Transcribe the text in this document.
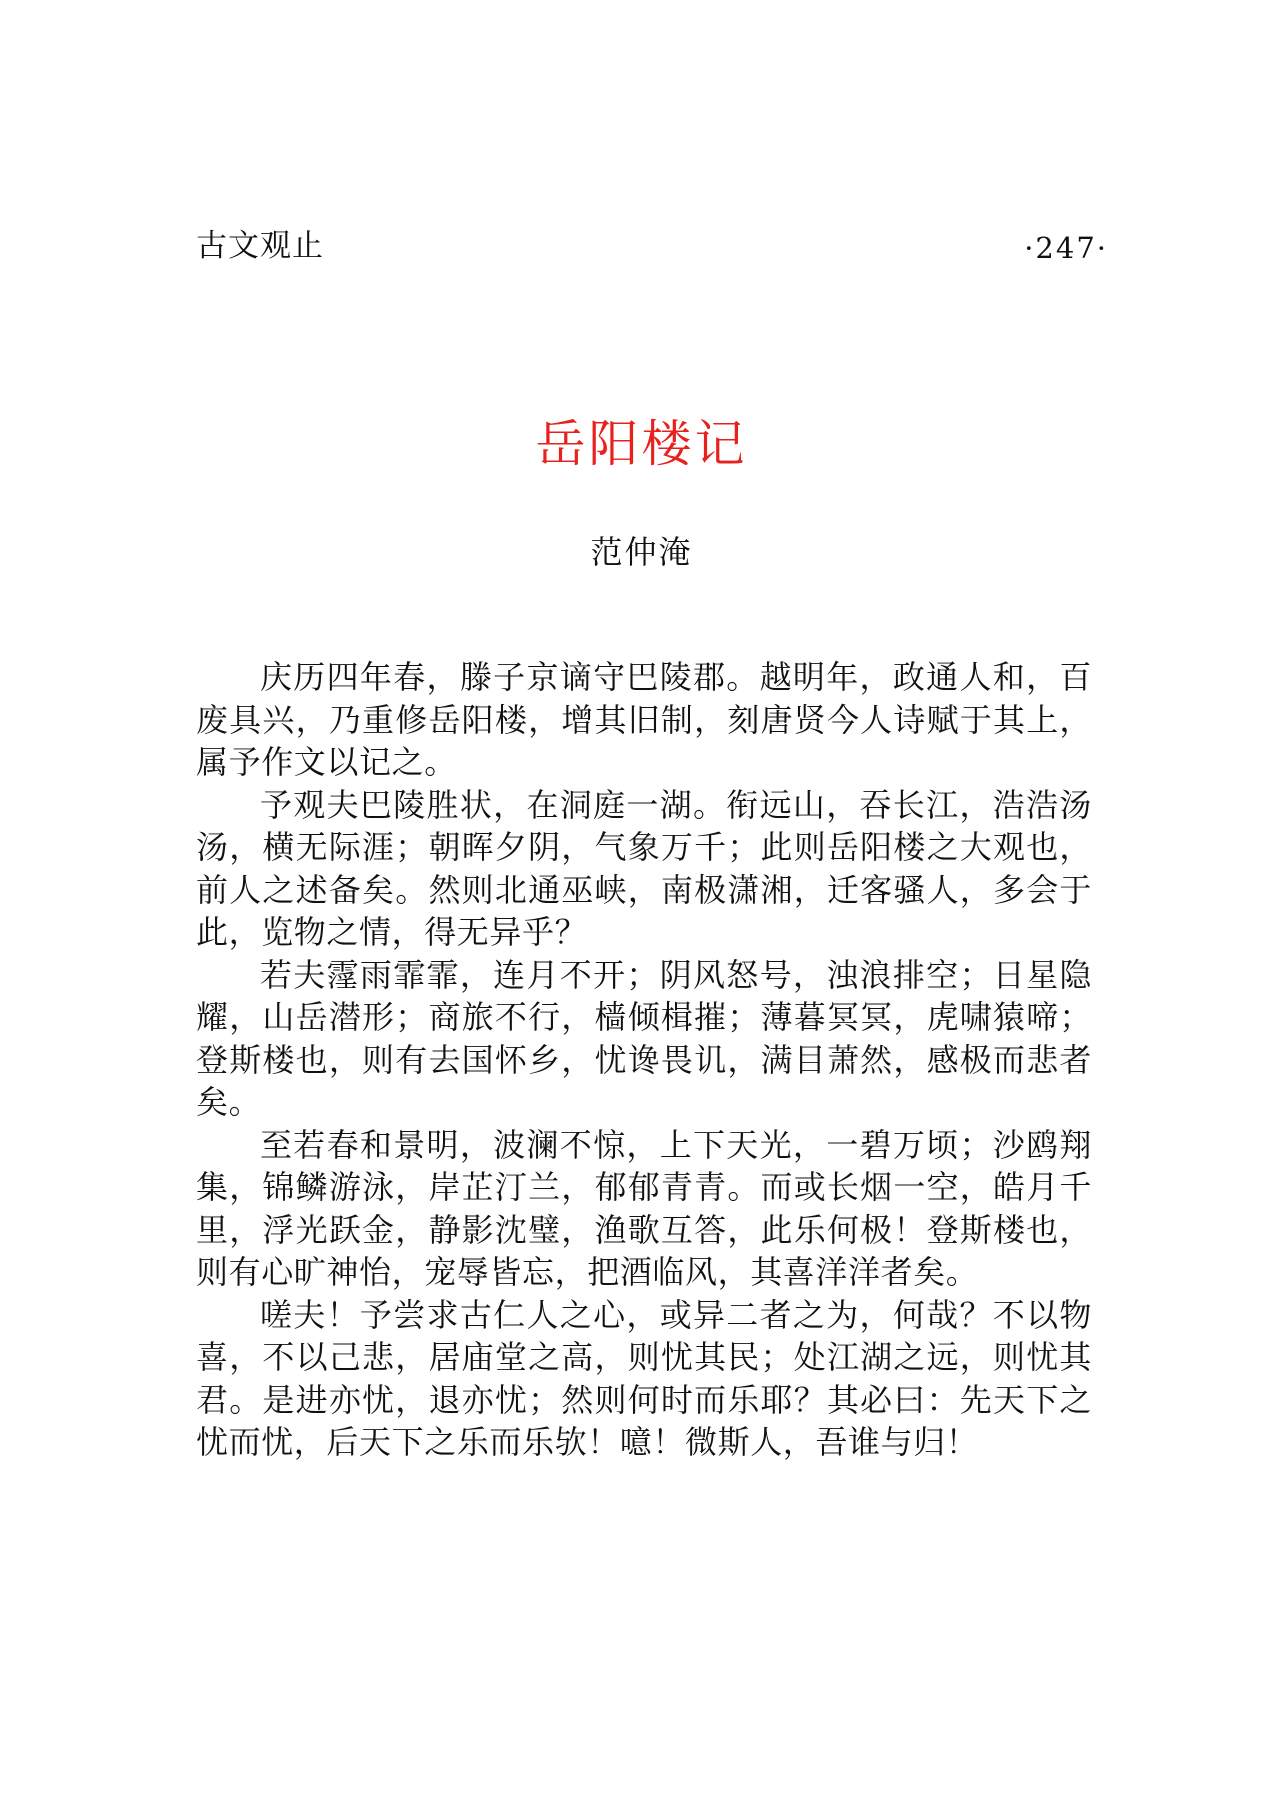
古文观止	·247·
岳阳楼记
范仲淹

庆历四年春，滕子京谪守巴陵郡。越明年，政通人和，百废具兴，乃重修岳阳楼，增其旧制，刻唐贤今人诗赋于其上，属予作文以记之。

予观夫巴陵胜状，在洞庭一湖。衔远山，吞长江，浩浩汤汤，横无际涯；朝晖夕阴，气象万千；此则岳阳楼之大观也，前人之述备矣。然则北通巫峡，南极潇湘，迁客骚人，多会于此，览物之情，得无异乎？

若夫霪雨霏霏，连月不开；阴风怒号，浊浪排空；日星隐耀，山岳潜形；商旅不行，樯倾楫摧；薄暮冥冥，虎啸猿啼；登斯楼也，则有去国怀乡，忧谗畏讥，满目萧然，感极而悲者矣。

至若春和景明，波澜不惊，上下天光，一碧万顷；沙鸥翔集，锦鳞游泳，岸芷汀兰，郁郁青青。而或长烟一空，皓月千里，浮光跃金，静影沈璧，渔歌互答，此乐何极！登斯楼也，则有心旷神怡，宠辱皆忘，把酒临风，其喜洋洋者矣。

嗟夫！予尝求古仁人之心，或异二者之为，何哉？不以物喜，不以己悲，居庙堂之高，则忧其民；处江湖之远，则忧其君。是进亦忧，退亦忧；然则何时而乐耶？其必曰：先天下之忧而忧，后天下之乐而乐欤！噫！微斯人，吾谁与归！
